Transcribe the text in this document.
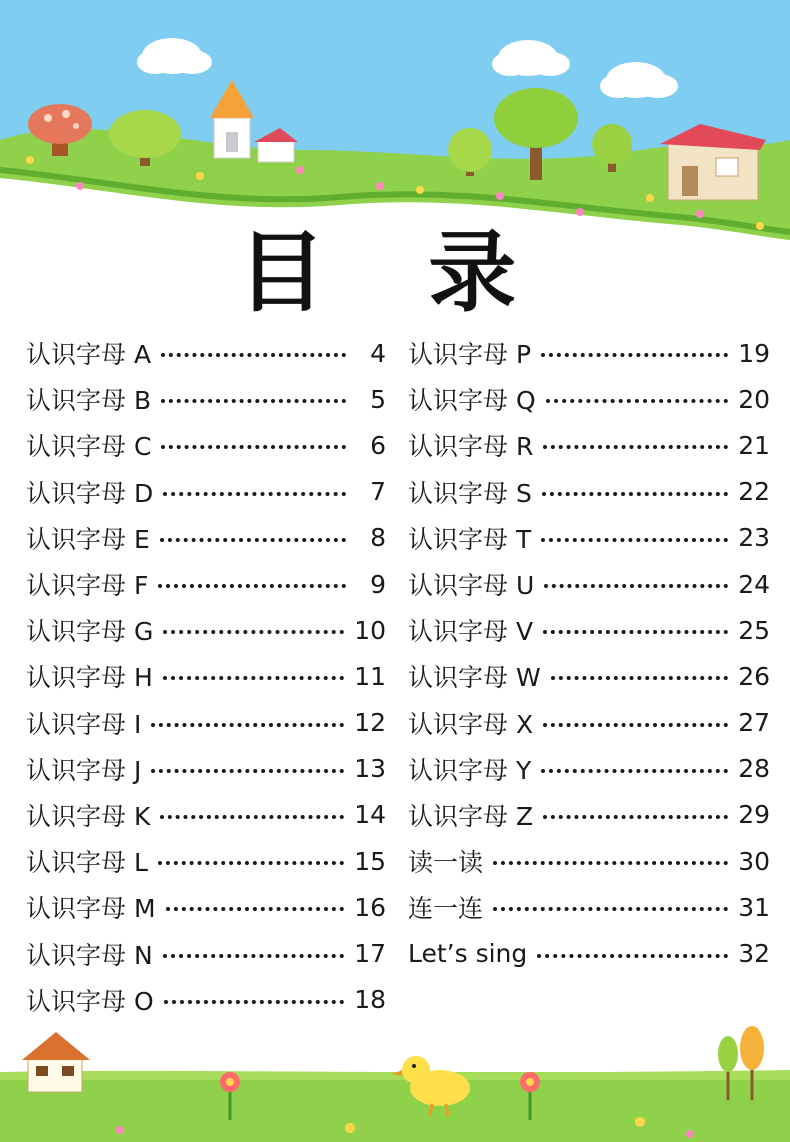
目 录
认识字母 A	4
认识字母 B	5
认识字母 C	6
认识字母 D	7
认识字母 E	8
认识字母 F	9
认识字母 G	10
认识字母 H	11
认识字母 I	12
认识字母 J	13
认识字母 K	14
认识字母 L	15
认识字母 M	16
认识字母 N	17
认识字母 O	18
认识字母 P	19
认识字母 Q	20
认识字母 R	21
认识字母 S	22
认识字母 T	23
认识字母 U	24
认识字母 V	25
认识字母 W	26
认识字母 X	27
认识字母 Y	28
认识字母 Z	29
读一读	30
连一连	31
Let’s sing	32
